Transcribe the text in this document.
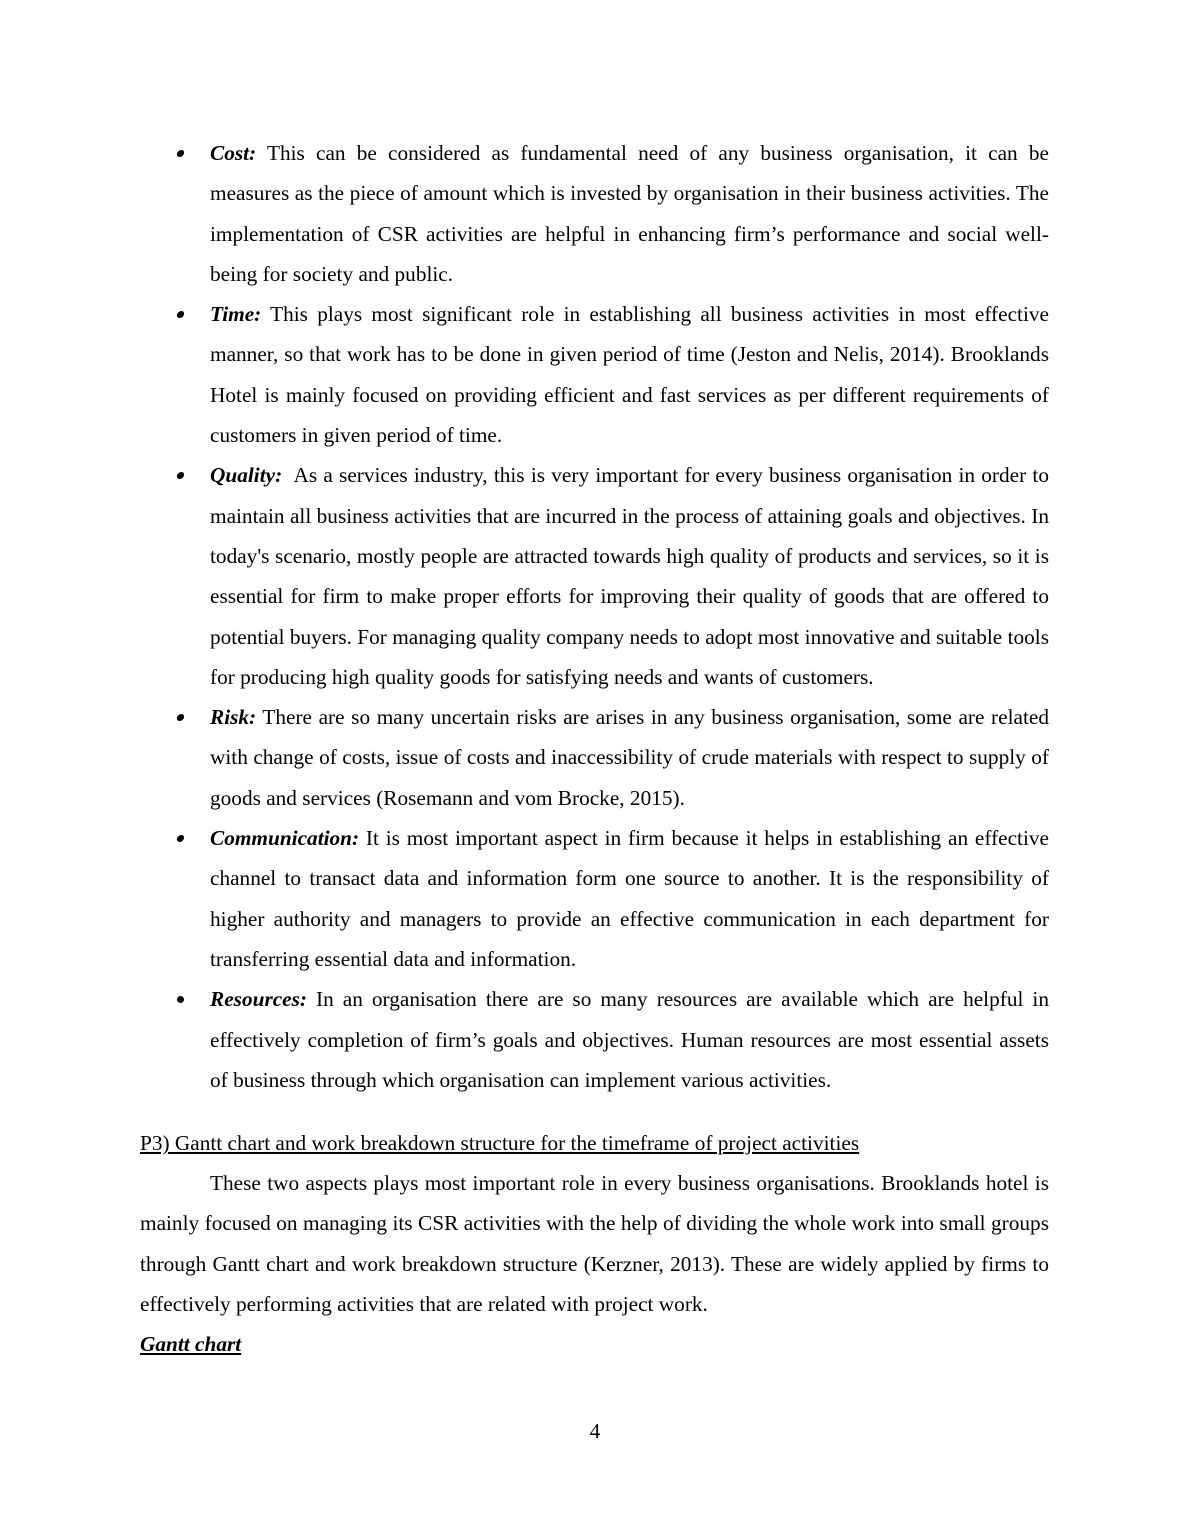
Cost: This can be considered as fundamental need of any business organisation, it can be measures as the piece of amount which is invested by organisation in their business activities. The implementation of CSR activities are helpful in enhancing firm’s performance and social well-being for society and public.
Time: This plays most significant role in establishing all business activities in most effective manner, so that work has to be done in given period of time (Jeston and Nelis, 2014). Brooklands Hotel is mainly focused on providing efficient and fast services as per different requirements of customers in given period of time.
Quality:  As a services industry, this is very important for every business organisation in order to maintain all business activities that are incurred in the process of attaining goals and objectives. In today's scenario, mostly people are attracted towards high quality of products and services, so it is essential for firm to make proper efforts for improving their quality of goods that are offered to potential buyers. For managing quality company needs to adopt most innovative and suitable tools for producing high quality goods for satisfying needs and wants of customers.
Risk: There are so many uncertain risks are arises in any business organisation, some are related with change of costs, issue of costs and inaccessibility of crude materials with respect to supply of goods and services (Rosemann and vom Brocke, 2015).
Communication: It is most important aspect in firm because it helps in establishing an effective channel to transact data and information form one source to another. It is the responsibility of higher authority and managers to provide an effective communication in each department for transferring essential data and information.
Resources: In an organisation there are so many resources are available which are helpful in effectively completion of firm’s goals and objectives. Human resources are most essential assets of business through which organisation can implement various activities.
P3) Gantt chart and work breakdown structure for the timeframe of project activities

These two aspects plays most important role in every business organisations. Brooklands hotel is mainly focused on managing its CSR activities with the help of dividing the whole work into small groups through Gantt chart and work breakdown structure (Kerzner, 2013). These are widely applied by firms to effectively performing activities that are related with project work.

Gantt chart
4
